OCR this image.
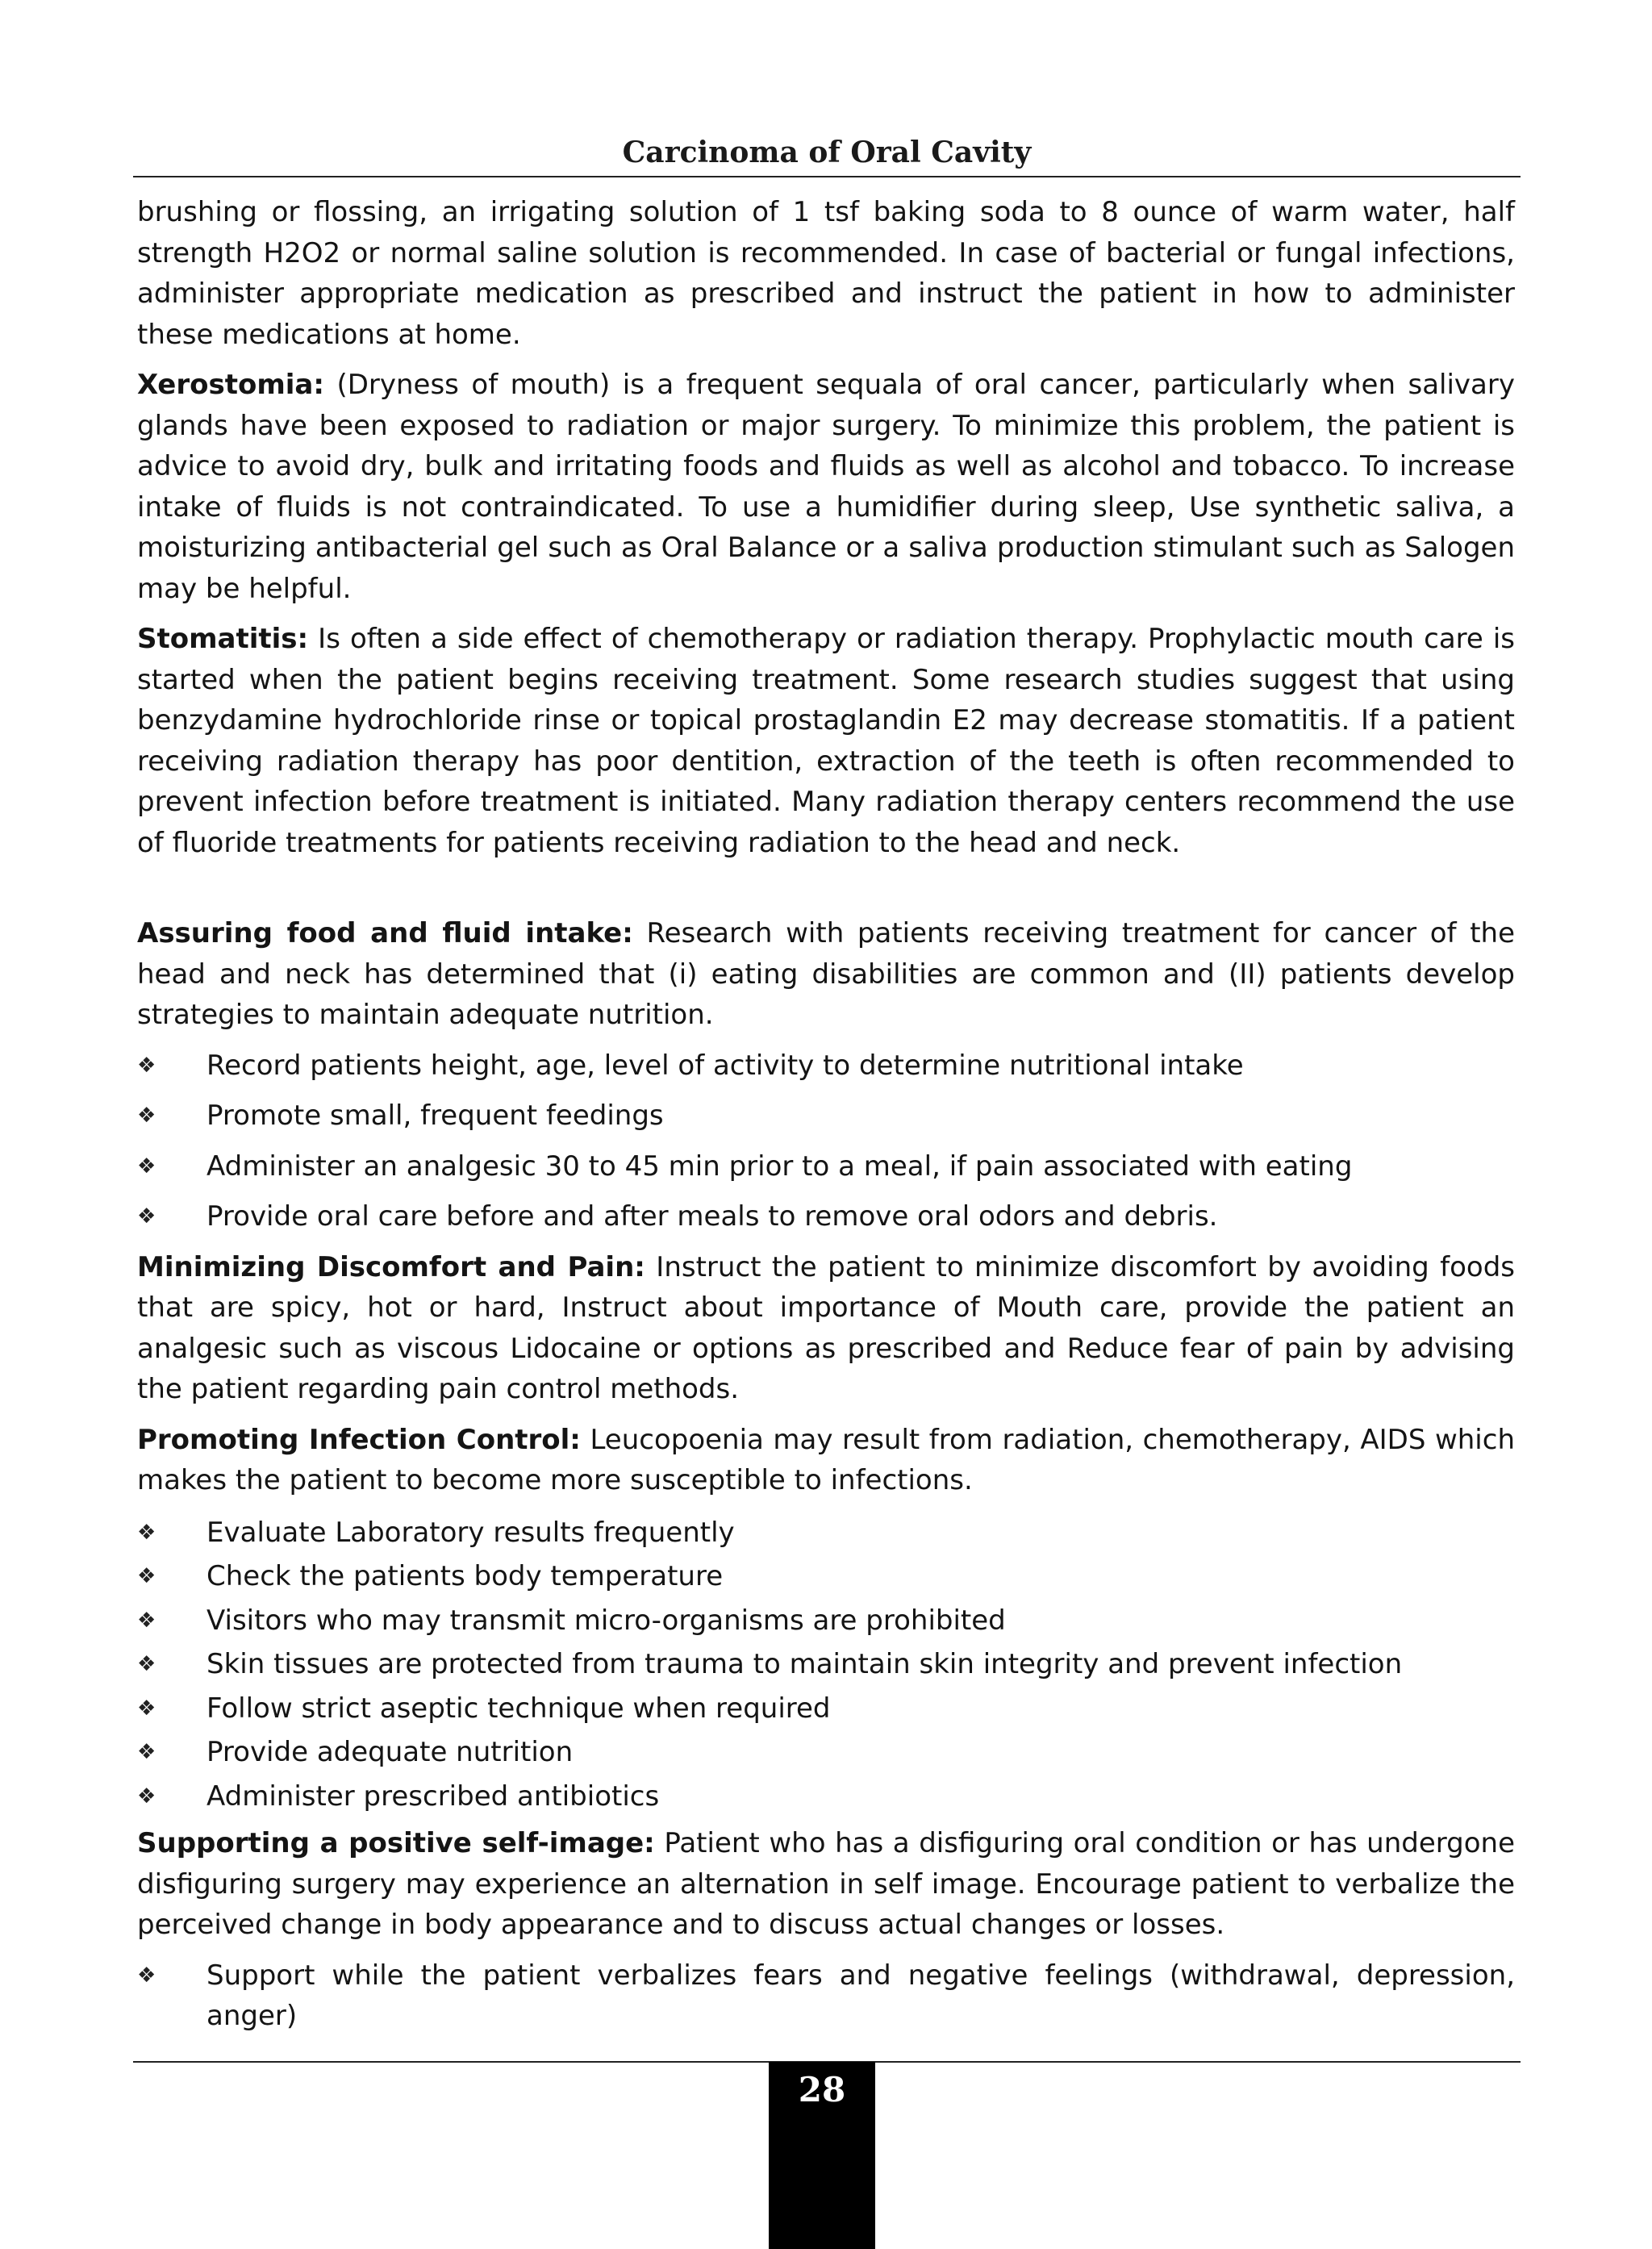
Carcinoma of Oral Cavity

brushing or flossing, an irrigating solution of 1 tsf baking soda to 8 ounce of warm water, half strength H2O2 or normal saline solution is recommended. In case of bacterial or fungal infections, administer appropriate medication as prescribed and instruct the patient in how to administer these medications at home.

Xerostomia: (Dryness of mouth) is a frequent sequala of oral cancer, particularly when salivary glands have been exposed to radiation or major surgery. To minimize this problem, the patient is advice to avoid dry, bulk and irritating foods and fluids as well as alcohol and tobacco. To increase intake of fluids is not contraindicated. To use a humidifier during sleep, Use synthetic saliva, a moisturizing antibacterial gel such as Oral Balance or a saliva production stimulant such as Salogen may be helpful.

Stomatitis: Is often a side effect of chemotherapy or radiation therapy. Prophylactic mouth care is started when the patient begins receiving treatment. Some research studies suggest that using benzydamine hydrochloride rinse or topical prostaglandin E2 may decrease stomatitis. If a patient receiving radiation therapy has poor dentition, extraction of the teeth is often recommended to prevent infection before treatment is initiated. Many radiation therapy centers recommend the use of fluoride treatments for patients receiving radiation to the head and neck.

Assuring food and fluid intake: Research with patients receiving treatment for cancer of the head and neck has determined that (i) eating disabilities are common and (II) patients develop strategies to maintain adequate nutrition.

❖ Record patients height, age, level of activity to determine nutritional intake
❖ Promote small, frequent feedings
❖ Administer an analgesic 30 to 45 min prior to a meal, if pain associated with eating
❖ Provide oral care before and after meals to remove oral odors and debris.

Minimizing Discomfort and Pain: Instruct the patient to minimize discomfort by avoiding foods that are spicy, hot or hard, Instruct about importance of Mouth care, provide the patient an analgesic such as viscous Lidocaine or options as prescribed and Reduce fear of pain by advising the patient regarding pain control methods.

Promoting Infection Control: Leucopoenia may result from radiation, chemotherapy, AIDS which makes the patient to become more susceptible to infections.

❖ Evaluate Laboratory results frequently
❖ Check the patients body temperature
❖ Visitors who may transmit micro-organisms are prohibited
❖ Skin tissues are protected from trauma to maintain skin integrity and prevent infection
❖ Follow strict aseptic technique when required
❖ Provide adequate nutrition
❖ Administer prescribed antibiotics

Supporting a positive self-image: Patient who has a disfiguring oral condition or has undergone disfiguring surgery may experience an alternation in self image. Encourage patient to verbalize the perceived change in body appearance and to discuss actual changes or losses.

❖ Support while the patient verbalizes fears and negative feelings (withdrawal, depression, anger)
28
